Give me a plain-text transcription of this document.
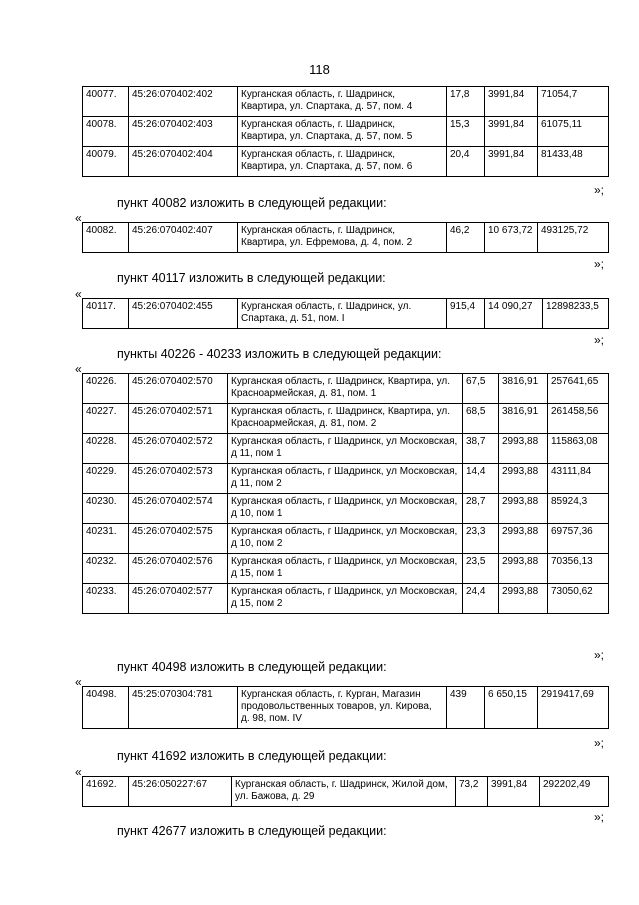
118
40077.	45:26:070402:402	Курганская область, г. Шадринск, Квартира, ул. Спартака, д. 57, пом. 4	17,8	3991,84	71054,7
40078.	45:26:070402:403	Курганская область, г. Шадринск, Квартира, ул. Спартака, д. 57, пом. 5	15,3	3991,84	61075,11
40079.	45:26:070402:404	Курганская область, г. Шадринск, Квартира, ул. Спартака, д. 57, пом. 6	20,4	3991,84	81433,48
»;
пункт 40082 изложить в следующей редакции:
«
40082.	45:26:070402:407	Курганская область, г. Шадринск, Квартира, ул. Ефремова, д. 4, пом. 2	46,2	10 673,72	493125,72
»;
пункт 40117 изложить в следующей редакции:
«
40117.	45:26:070402:455	Курганская область, г. Шадринск, ул. Спартака, д. 51, пом. I	915,4	14 090,27	12898233,5
»;
пункты 40226 - 40233 изложить в следующей редакции:
«
40226.	45:26:070402:570	Курганская область, г. Шадринск, Квартира, ул. Красноармейская, д. 81, пом. 1	67,5	3816,91	257641,65
40227.	45:26:070402:571	Курганская область, г. Шадринск, Квартира, ул. Красноармейская, д. 81, пом. 2	68,5	3816,91	261458,56
40228.	45:26:070402:572	Курганская область, г Шадринск, ул Московская, д 11, пом 1	38,7	2993,88	115863,08
40229.	45:26:070402:573	Курганская область, г Шадринск, ул Московская, д 11, пом 2	14,4	2993,88	43111,84
40230.	45:26:070402:574	Курганская область, г Шадринск, ул Московская, д 10, пом 1	28,7	2993,88	85924,3
40231.	45:26:070402:575	Курганская область, г Шадринск, ул Московская, д 10, пом 2	23,3	2993,88	69757,36
40232.	45:26:070402:576	Курганская область, г Шадринск, ул Московская, д 15, пом 1	23,5	2993,88	70356,13
40233.	45:26:070402:577	Курганская область, г Шадринск, ул Московская, д 15, пом 2	24,4	2993,88	73050,62
»;
пункт 40498 изложить в следующей редакции:
«
40498.	45:25:070304:781	Курганская область, г. Курган, Магазин продовольственных товаров, ул. Кирова, д. 98, пом. IV	439	6 650,15	2919417,69
»;
пункт 41692 изложить в следующей редакции:
«
41692.	45:26:050227:67	Курганская область, г. Шадринск, Жилой дом, ул. Бажова, д. 29	73,2	3991,84	292202,49
»;
пункт 42677 изложить в следующей редакции:
